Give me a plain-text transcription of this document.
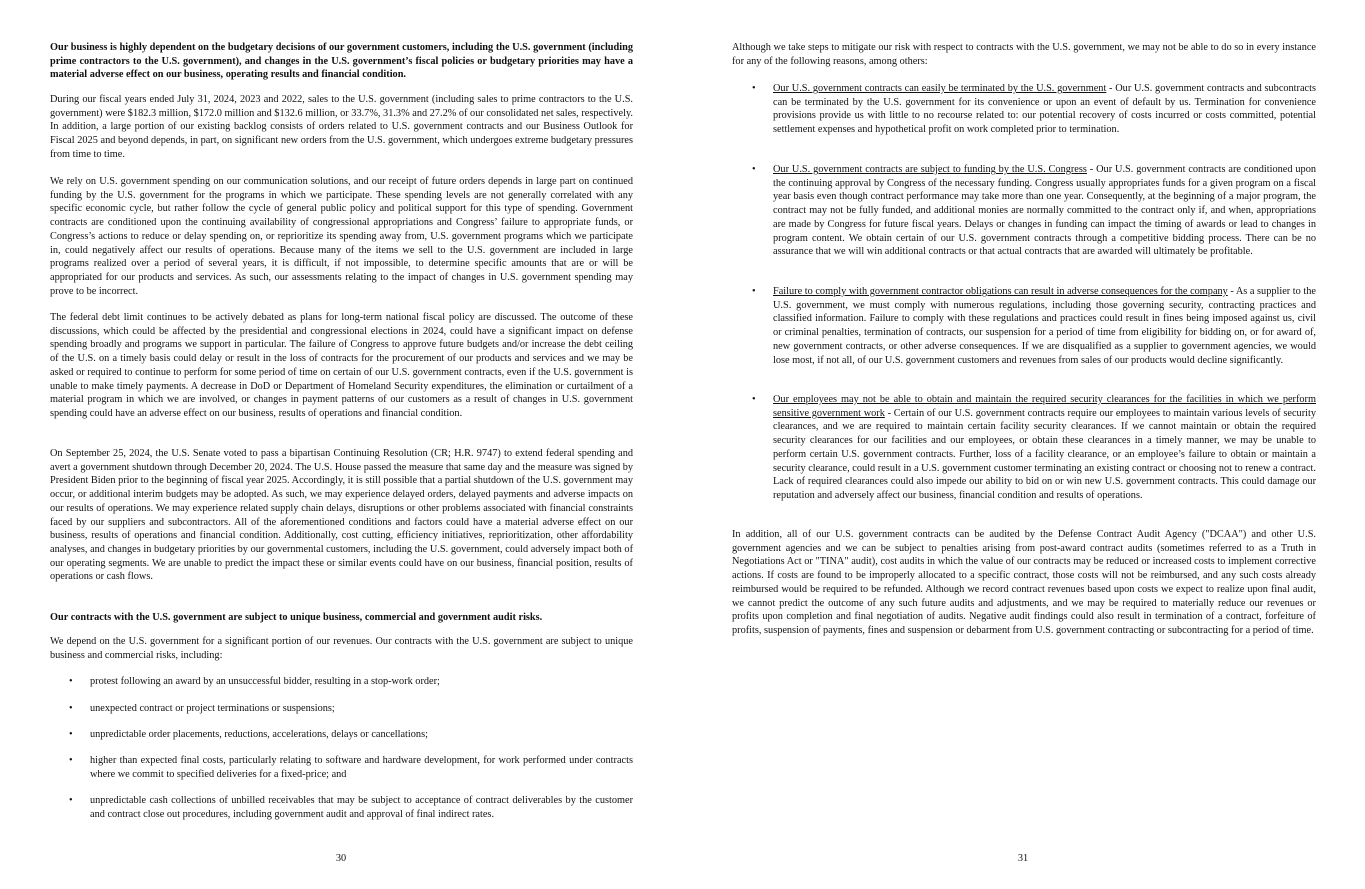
Our business is highly dependent on the budgetary decisions of our government customers, including the U.S. government (including prime contractors to the U.S. government), and changes in the U.S. government’s fiscal policies or budgetary priorities may have a material adverse effect on our business, operating results and financial condition.

During our fiscal years ended July 31, 2024, 2023 and 2022, sales to the U.S. government (including sales to prime contractors to the U.S. government) were $182.3 million, $172.0 million and $132.6 million, or 33.7%, 31.3% and 27.2% of our consolidated net sales, respectively. In addition, a large portion of our existing backlog consists of orders related to U.S. government contracts and our Business Outlook for Fiscal 2025 and beyond depends, in part, on significant new orders from the U.S. government, which undergoes extreme budgetary pressures from time to time.

We rely on U.S. government spending on our communication solutions, and our receipt of future orders depends in large part on continued funding by the U.S. government for the programs in which we participate. These spending levels are not generally correlated with any specific economic cycle, but rather follow the cycle of general public policy and political support for this type of spending. Government contracts are conditioned upon the continuing availability of congressional appropriations and Congress’ failure to appropriate funds, or Congress’s actions to reduce or delay spending on, or reprioritize its spending away from, U.S. government programs which we participate in, could negatively affect our results of operations. Because many of the items we sell to the U.S. government are included in large programs realized over a period of several years, it is difficult, if not impossible, to determine specific amounts that are or will be appropriated for our products and services. As such, our assessments relating to the impact of changes in U.S. government spending may prove to be incorrect.

The federal debt limit continues to be actively debated as plans for long-term national fiscal policy are discussed. The outcome of these discussions, which could be affected by the presidential and congressional elections in 2024, could have a significant impact on defense spending broadly and programs we support in particular. The failure of Congress to approve future budgets and/or increase the debt ceiling of the U.S. on a timely basis could delay or result in the loss of contracts for the procurement of our products and services and we may be asked or required to continue to perform for some period of time on certain of our U.S. government contracts, even if the U.S. government is unable to make timely payments. A decrease in DoD or Department of Homeland Security expenditures, the elimination or curtailment of a material program in which we are involved, or changes in payment patterns of our customers as a result of changes in U.S. government spending could have an adverse effect on our business, results of operations and financial condition.

On September 25, 2024, the U.S. Senate voted to pass a bipartisan Continuing Resolution (CR; H.R. 9747) to extend federal spending and avert a government shutdown through December 20, 2024. The U.S. House passed the measure that same day and the measure was signed by President Biden prior to the beginning of fiscal year 2025. Accordingly, it is still possible that a partial shutdown of the U.S. government may occur, or additional interim budgets may be adopted. As such, we may experience delayed orders, delayed payments and adverse impacts on our results of operations. We may experience related supply chain delays, disruptions or other problems associated with financial constraints faced by our suppliers and subcontractors. All of the aforementioned conditions and factors could have a material adverse effect on our business, results of operations and financial condition. Additionally, cost cutting, efficiency initiatives, reprioritization, other affordability analyses, and changes in budgetary priorities by our governmental customers, including the U.S. government, could adversely impact both of our operating segments. We are unable to predict the impact these or similar events could have on our business, financial position, results of operations or cash flows.

Our contracts with the U.S. government are subject to unique business, commercial and government audit risks.

We depend on the U.S. government for a significant portion of our revenues. Our contracts with the U.S. government are subject to unique business and commercial risks, including:

• protest following an award by an unsuccessful bidder, resulting in a stop-work order;

• unexpected contract or project terminations or suspensions;

• unpredictable order placements, reductions, accelerations, delays or cancellations;

• higher than expected final costs, particularly relating to software and hardware development, for work performed under contracts where we commit to specified deliveries for a fixed-price; and

• unpredictable cash collections of unbilled receivables that may be subject to acceptance of contract deliverables by the customer and contract close out procedures, including government audit and approval of final indirect rates.

30

Although we take steps to mitigate our risk with respect to contracts with the U.S. government, we may not be able to do so in every instance for any of the following reasons, among others:

• Our U.S. government contracts can easily be terminated by the U.S. government - Our U.S. government contracts and subcontracts can be terminated by the U.S. government for its convenience or upon an event of default by us. Termination for convenience provisions provide us with little to no recourse related to: our potential recovery of costs incurred or costs committed, potential settlement expenses and hypothetical profit on work completed prior to termination.

• Our U.S. government contracts are subject to funding by the U.S. Congress - Our U.S. government contracts are conditioned upon the continuing approval by Congress of the necessary funding. Congress usually appropriates funds for a given program on a fiscal year basis even though contract performance may take more than one year. Consequently, at the beginning of a major program, the contract may not be fully funded, and additional monies are normally committed to the contract only if, and when, appropriations are made by Congress for future fiscal years. Delays or changes in funding can impact the timing of awards or lead to changes in program content. We obtain certain of our U.S. government contracts through a competitive bidding process. There can be no assurance that we will win additional contracts or that actual contracts that are awarded will ultimately be profitable.

• Failure to comply with government contractor obligations can result in adverse consequences for the company - As a supplier to the U.S. government, we must comply with numerous regulations, including those governing security, contracting practices and classified information. Failure to comply with these regulations and practices could result in fines being imposed against us, civil or criminal penalties, termination of contracts, our suspension for a period of time from eligibility for bidding on, or for award of, new government contracts, or other adverse consequences. If we are disqualified as a supplier to government agencies, we would lose most, if not all, of our U.S. government customers and revenues from sales of our products would decline significantly.

• Our employees may not be able to obtain and maintain the required security clearances for the facilities in which we perform sensitive government work - Certain of our U.S. government contracts require our employees to maintain various levels of security clearances, and we are required to maintain certain facility security clearances. If we cannot maintain or obtain the required security clearances for our facilities and our employees, or obtain these clearances in a timely manner, we may be unable to perform certain U.S. government contracts. Further, loss of a facility clearance, or an employee’s failure to obtain or maintain a security clearance, could result in a U.S. government customer terminating an existing contract or choosing not to renew a contract. Lack of required clearances could also impede our ability to bid on or win new U.S. government contracts. This could damage our reputation and adversely affect our business, financial condition and results of operations.

In addition, all of our U.S. government contracts can be audited by the Defense Contract Audit Agency ("DCAA") and other U.S. government agencies and we can be subject to penalties arising from post-award contract audits (sometimes referred to as a Truth in Negotiations Act or "TINA" audit), cost audits in which the value of our contracts may be reduced or increased costs to implement corrective actions. If costs are found to be improperly allocated to a specific contract, those costs will not be reimbursed, and any such costs already reimbursed would be required to be refunded. Although we record contract revenues based upon costs we expect to realize upon final audit, we cannot predict the outcome of any such future audits and adjustments, and we may be required to materially reduce our revenues or profits upon completion and final negotiation of audits. Negative audit findings could also result in termination of a contract, forfeiture of profits, suspension of payments, fines and suspension or debarment from U.S. government contracting or subcontracting for a period of time.

31
